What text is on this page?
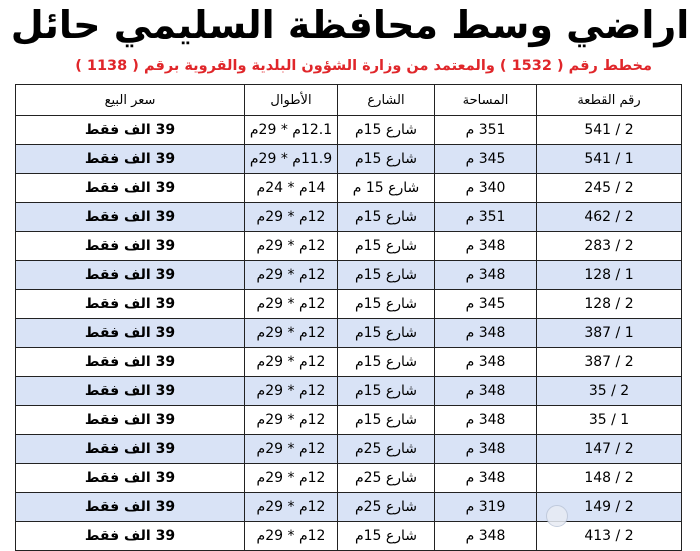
اراضي وسط محافظة السليمي حائل
مخطط رقم ( 1532 ) والمعتمد من وزارة الشؤون البلدية والقروية برقم ( 1138 )
رقم القطعة	المساحة	الشارع	الأطوال	سعر البيع
2 / 541	351 م	شارع 15م	12.1م * 29م	39 الف فقط
1 / 541	345 م	شارع 15م	11.9م * 29م	39 الف فقط
2 / 245	340 م	شارع 15 م	14م * 24م	39 الف فقط
2 / 462	351 م	شارع 15م	12م * 29م	39 الف فقط
2 / 283	348 م	شارع 15م	12م * 29م	39 الف فقط
1 / 128	348 م	شارع 15م	12م * 29م	39 الف فقط
2 / 128	345 م	شارع 15م	12م * 29م	39 الف فقط
1 / 387	348 م	شارع 15م	12م * 29م	39 الف فقط
2 / 387	348 م	شارع 15م	12م * 29م	39 الف فقط
2 / 35	348 م	شارع 15م	12م * 29م	39 الف فقط
1 / 35	348 م	شارع 15م	12م * 29م	39 الف فقط
2 / 147	348 م	شارع 25م	12م * 29م	39 الف فقط
2 / 148	348 م	شارع 25م	12م * 29م	39 الف فقط
2 / 149	319 م	شارع 25م	12م * 29م	39 الف فقط
2 / 413	348 م	شارع 15م	12م * 29م	39 الف فقط
